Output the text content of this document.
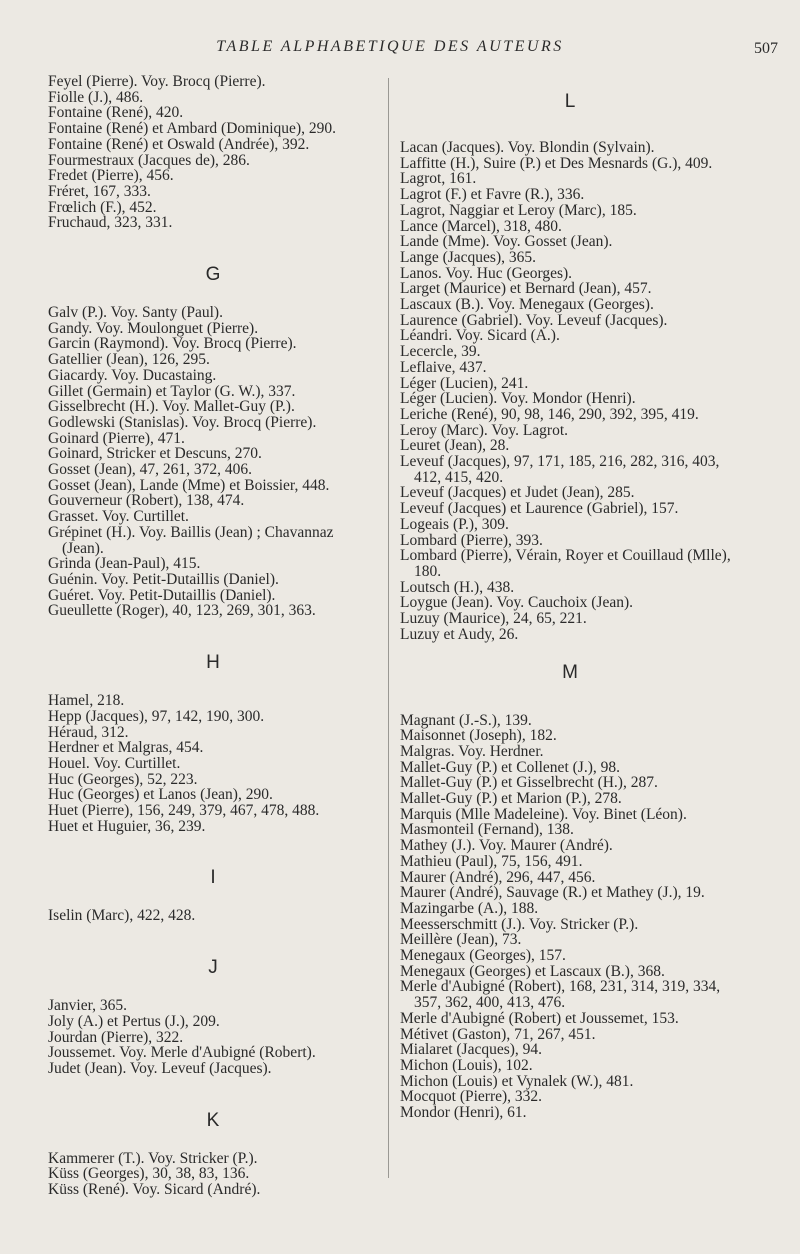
TABLE ALPHABETIQUE DES AUTEURS	507
Feyel (Pierre). Voy. Brocq (Pierre).
Fiolle (J.), 486.
Fontaine (René), 420.
Fontaine (René) et Ambard (Dominique), 290.
Fontaine (René) et Oswald (Andrée), 392.
Fourmestraux (Jacques de), 286.
Fredet (Pierre), 456.
Fréret, 167, 333.
Frœlich (F.), 452.
Fruchaud, 323, 331.
G
Galv (P.). Voy. Santy (Paul).
Gandy. Voy. Moulonguet (Pierre).
Garcin (Raymond). Voy. Brocq (Pierre).
Gatellier (Jean), 126, 295.
Giacardy. Voy. Ducastaing.
Gillet (Germain) et Taylor (G. W.), 337.
Gisselbrecht (H.). Voy. Mallet-Guy (P.).
Godlewski (Stanislas). Voy. Brocq (Pierre).
Goinard (Pierre), 471.
Goinard, Stricker et Descuns, 270.
Gosset (Jean), 47, 261, 372, 406.
Gosset (Jean), Lande (Mme) et Boissier, 448.
Gouverneur (Robert), 138, 474.
Grasset. Voy. Curtillet.
Grépinet (H.). Voy. Baillis (Jean) ; Chavannaz (Jean).
Grinda (Jean-Paul), 415.
Guénin. Voy. Petit-Dutaillis (Daniel).
Guéret. Voy. Petit-Dutaillis (Daniel).
Gueullette (Roger), 40, 123, 269, 301, 363.
H
Hamel, 218.
Hepp (Jacques), 97, 142, 190, 300.
Héraud, 312.
Herdner et Malgras, 454.
Houel. Voy. Curtillet.
Huc (Georges), 52, 223.
Huc (Georges) et Lanos (Jean), 290.
Huet (Pierre), 156, 249, 379, 467, 478, 488.
Huet et Huguier, 36, 239.
I
Iselin (Marc), 422, 428.
J
Janvier, 365.
Joly (A.) et Pertus (J.), 209.
Jourdan (Pierre), 322.
Joussemet. Voy. Merle d'Aubigné (Robert).
Judet (Jean). Voy. Leveuf (Jacques).
K
Kammerer (T.). Voy. Stricker (P.).
Küss (Georges), 30, 38, 83, 136.
Küss (René). Voy. Sicard (André).
L
Lacan (Jacques). Voy. Blondin (Sylvain).
Laffitte (H.), Suire (P.) et Des Mesnards (G.), 409.
Lagrot, 161.
Lagrot (F.) et Favre (R.), 336.
Lagrot, Naggiar et Leroy (Marc), 185.
Lance (Marcel), 318, 480.
Lande (Mme). Voy. Gosset (Jean).
Lange (Jacques), 365.
Lanos. Voy. Huc (Georges).
Larget (Maurice) et Bernard (Jean), 457.
Lascaux (B.). Voy. Menegaux (Georges).
Laurence (Gabriel). Voy. Leveuf (Jacques).
Léandri. Voy. Sicard (A.).
Lecercle, 39.
Leflaive, 437.
Léger (Lucien), 241.
Léger (Lucien). Voy. Mondor (Henri).
Leriche (René), 90, 98, 146, 290, 392, 395, 419.
Leroy (Marc). Voy. Lagrot.
Leuret (Jean), 28.
Leveuf (Jacques), 97, 171, 185, 216, 282, 316, 403, 412, 415, 420.
Leveuf (Jacques) et Judet (Jean), 285.
Leveuf (Jacques) et Laurence (Gabriel), 157.
Logeais (P.), 309.
Lombard (Pierre), 393.
Lombard (Pierre), Vérain, Royer et Couillaud (Mlle), 180.
Loutsch (H.), 438.
Loygue (Jean). Voy. Cauchoix (Jean).
Luzuy (Maurice), 24, 65, 221.
Luzuy et Audy, 26.
M
Magnant (J.-S.), 139.
Maisonnet (Joseph), 182.
Malgras. Voy. Herdner.
Mallet-Guy (P.) et Collenet (J.), 98.
Mallet-Guy (P.) et Gisselbrecht (H.), 287.
Mallet-Guy (P.) et Marion (P.), 278.
Marquis (Mlle Madeleine). Voy. Binet (Léon).
Masmonteil (Fernand), 138.
Mathey (J.). Voy. Maurer (André).
Mathieu (Paul), 75, 156, 491.
Maurer (André), 296, 447, 456.
Maurer (André), Sauvage (R.) et Mathey (J.), 19.
Mazingarbe (A.), 188.
Meesserschmitt (J.). Voy. Stricker (P.).
Meillère (Jean), 73.
Menegaux (Georges), 157.
Menegaux (Georges) et Lascaux (B.), 368.
Merle d'Aubigné (Robert), 168, 231, 314, 319, 334, 357, 362, 400, 413, 476.
Merle d'Aubigné (Robert) et Joussemet, 153.
Métivet (Gaston), 71, 267, 451.
Mialaret (Jacques), 94.
Michon (Louis), 102.
Michon (Louis) et Vynalek (W.), 481.
Mocquot (Pierre), 332.
Mondor (Henri), 61.
